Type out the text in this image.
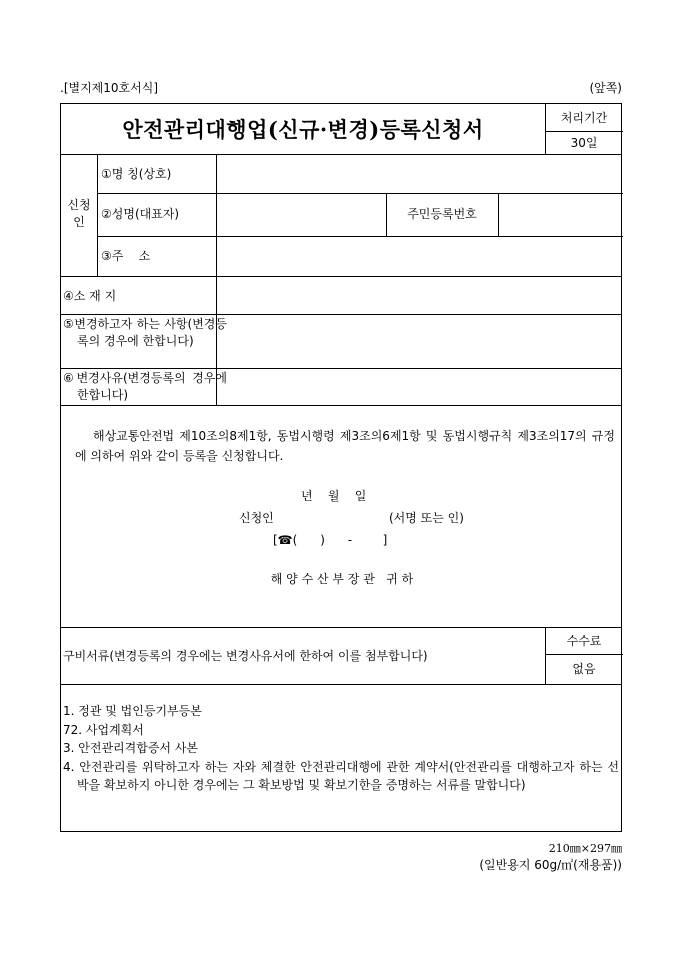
.[별지제10호서식]	(앞쪽)
안전관리대행업(신규·변경)등록신청서	처리기간
30일
신청인
①명 칭(상호)
②성명(대표자)	주민등록번호
③주    소
④소 재 지
⑤변경하고자 하는 사항(변경등록의 경우에 한합니다)
⑥변경사유(변경등록의 경우에 한합니다)
해상교통안전법 제10조의8제1항, 동법시행령 제3조의6제1항 및 동법시행규칙 제3조의17의 규정에 의하여 위와 같이 등록을 신청합니다.
년    월    일
신청인	(서명 또는 인)
[☎(      )      -        ]
해 양 수 산 부 장 관   귀 하
구비서류(변경등록의 경우에는 변경사유서에 한하여 이를 첨부합니다)
수수료
없음
1. 정관 및 법인등기부등본
72. 사업계획서
3. 안전관리격합증서 사본
4. 안전관리를 위탁하고자 하는 자와 체결한 안전관리대행에 관한 계약서(안전관리를 대행하고자 하는 선박을 확보하지 아니한 경우에는 그 확보방법 및 확보기한을 증명하는 서류를 말합니다)
210㎜×297㎜
(일반용지 60g/㎡(재용품))
